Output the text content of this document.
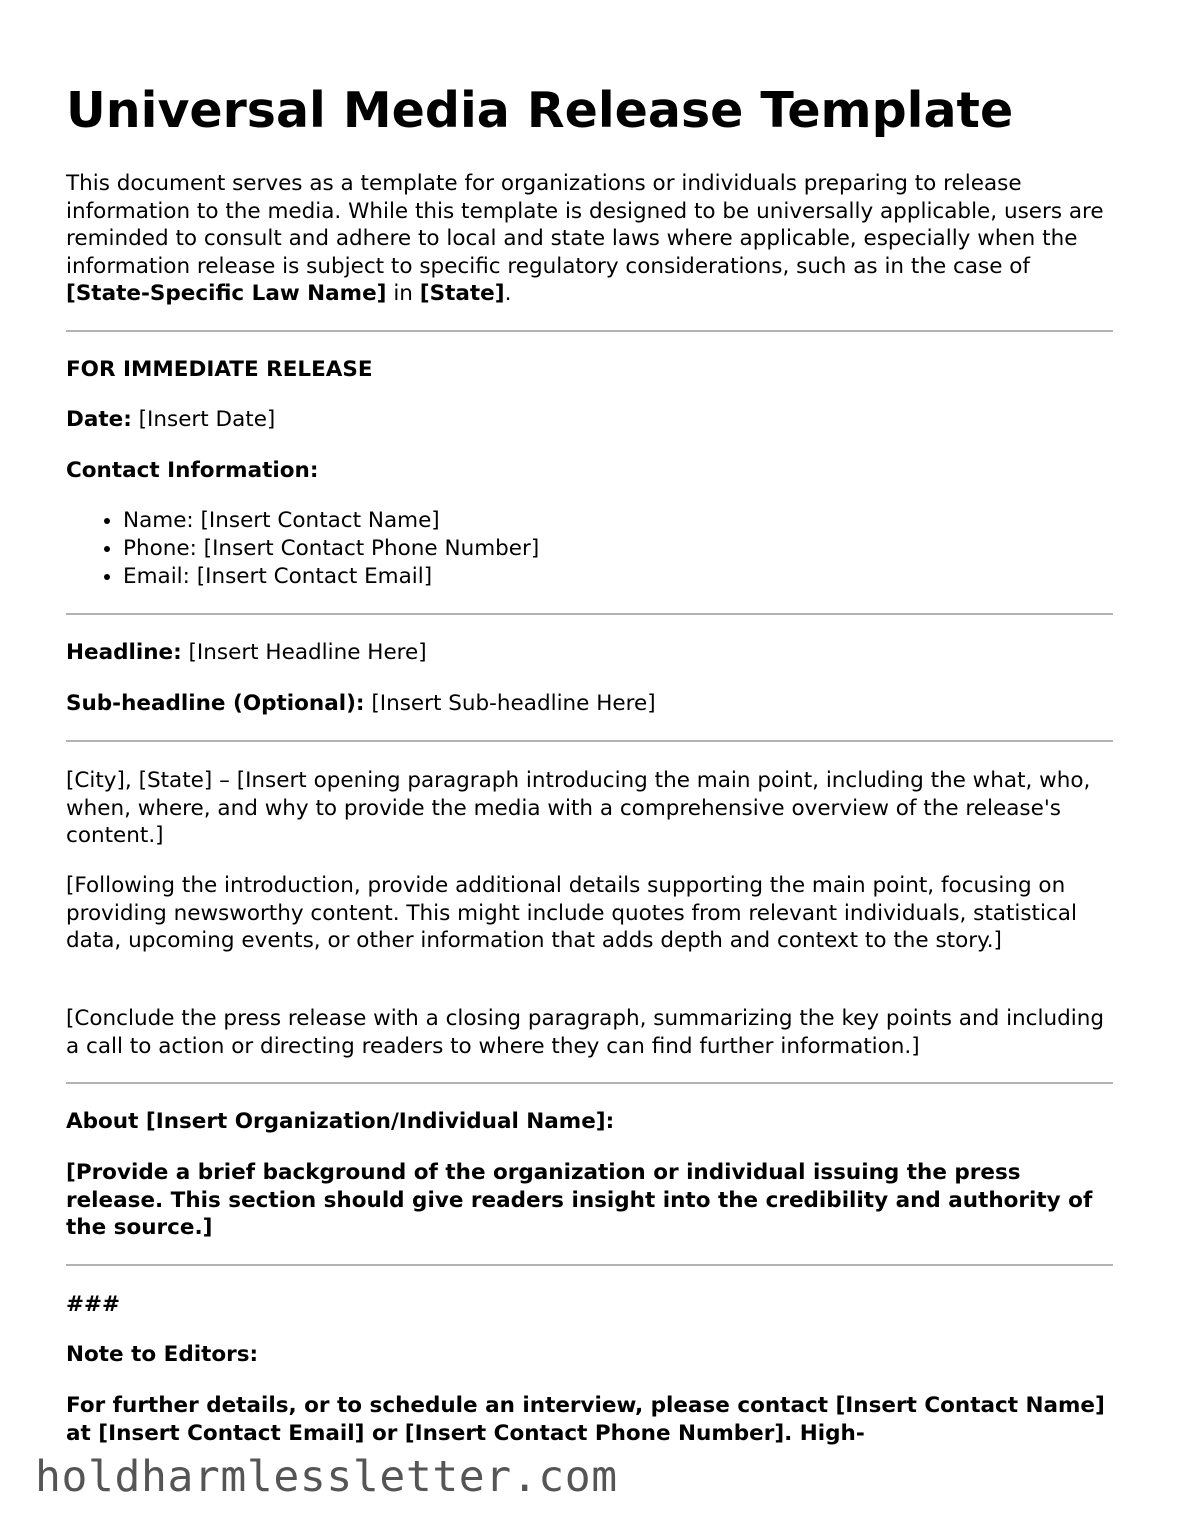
Universal Media Release Template

This document serves as a template for organizations or individuals preparing to release information to the media. While this template is designed to be universally applicable, users are reminded to consult and adhere to local and state laws where applicable, especially when the information release is subject to specific regulatory considerations, such as in the case of [State-Specific Law Name] in [State].

FOR IMMEDIATE RELEASE

Date: [Insert Date]

Contact Information:

• Name: [Insert Contact Name]
• Phone: [Insert Contact Phone Number]
• Email: [Insert Contact Email]

Headline: [Insert Headline Here]

Sub-headline (Optional): [Insert Sub-headline Here]

[City], [State] – [Insert opening paragraph introducing the main point, including the what, who, when, where, and why to provide the media with a comprehensive overview of the release's content.]

[Following the introduction, provide additional details supporting the main point, focusing on providing newsworthy content. This might include quotes from relevant individuals, statistical data, upcoming events, or other information that adds depth and context to the story.]

[Conclude the press release with a closing paragraph, summarizing the key points and including a call to action or directing readers to where they can find further information.]

About [Insert Organization/Individual Name]:

[Provide a brief background of the organization or individual issuing the press release. This section should give readers insight into the credibility and authority of the source.]

###

Note to Editors:

For further details, or to schedule an interview, please contact [Insert Contact Name] at [Insert Contact Email] or [Insert Contact Phone Number]. High-

holdharmlessletter.com
